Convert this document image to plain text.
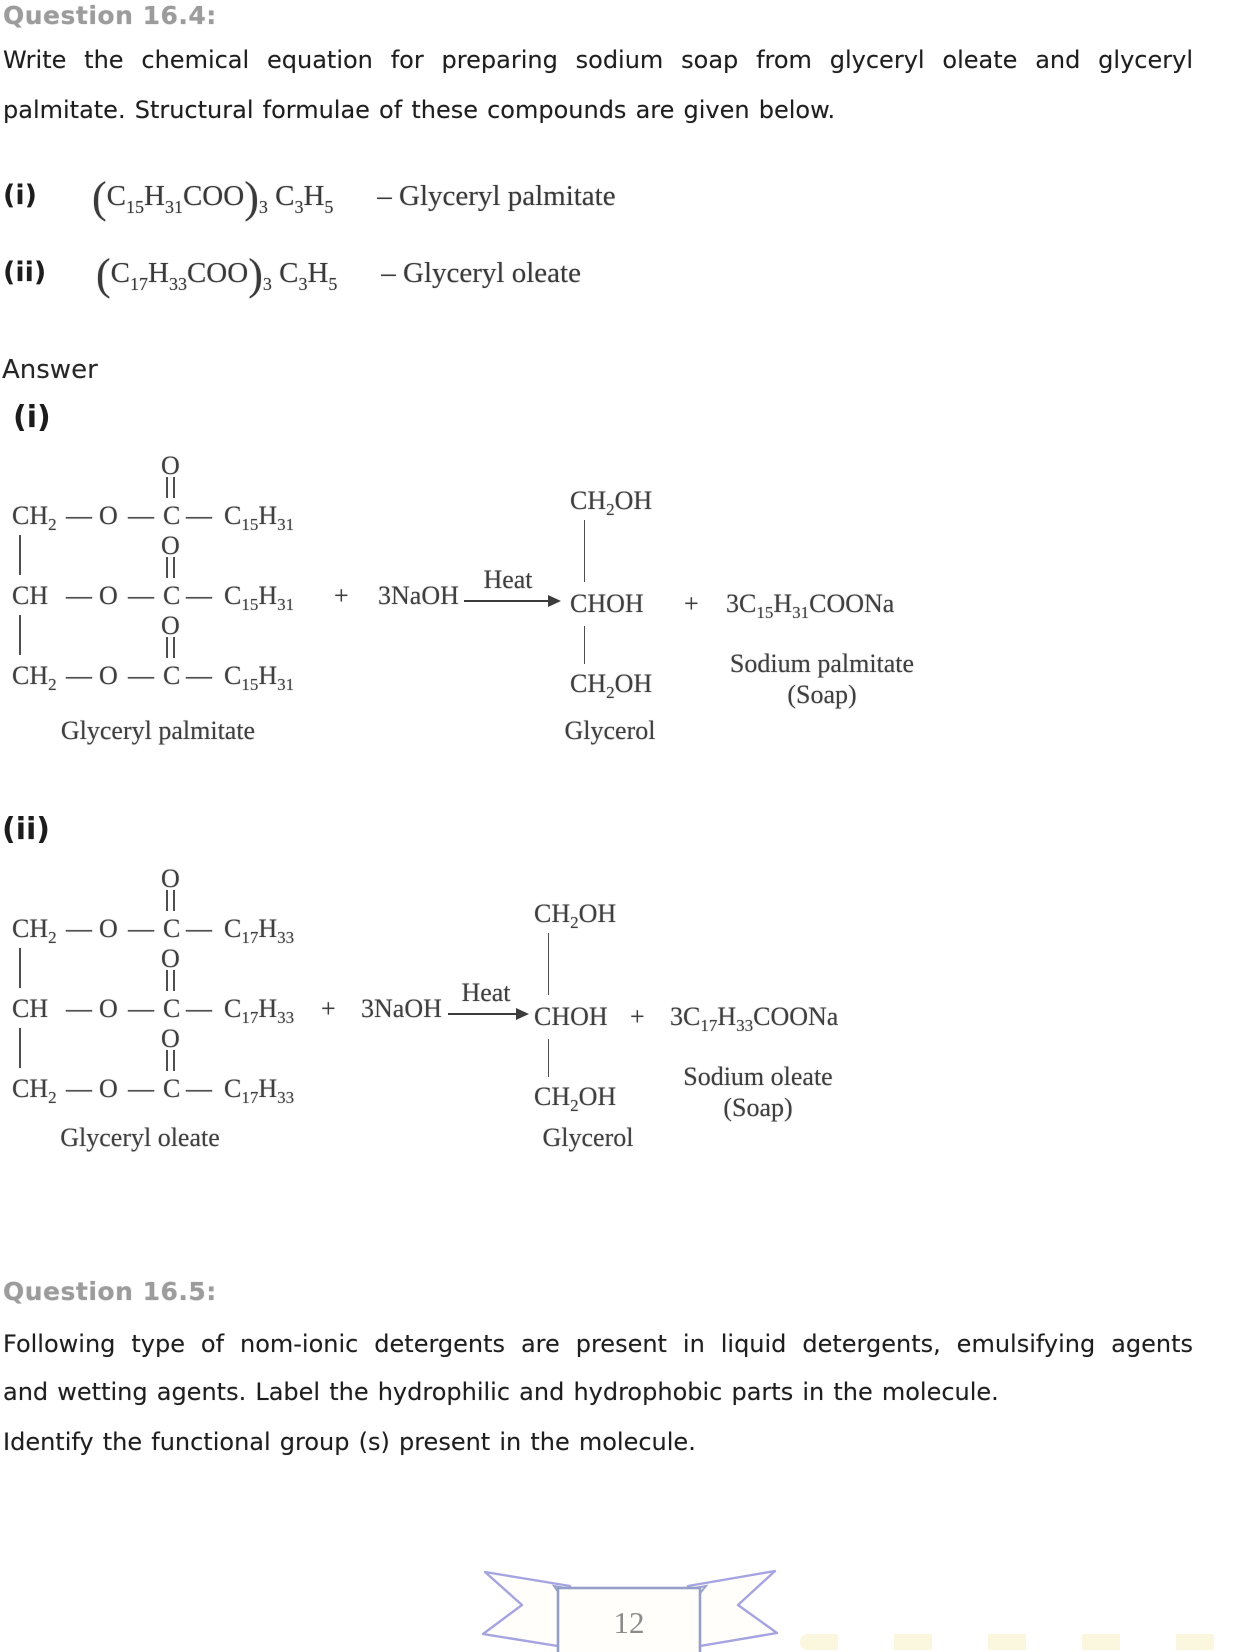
Question 16.4:
Write the chemical equation for preparing sodium soap from glyceryl oleate and glyceryl
palmitate. Structural formulae of these compounds are given below.
(i) $(C_{15}H_{31}COO)_3$ $C_3H_5$ – Glyceryl palmitate
(ii) $(C_{17}H_{33}COO)_3$ $C_3H_5$ – Glyceryl oleate
Answer
(i)
O
$CH_2$ — O — C — $C_{15}H_{31}$
O
CH — O — C — $C_{15}H_{31}$
O
$CH_2$ — O — C — $C_{15}H_{31}$
Glyceryl palmitate
+ 3NaOH
Heat
$CH_2OH$
CHOH
$CH_2OH$
Glycerol
+ $3C_{15}H_{31}COONa$
Sodium palmitate
(Soap)
(ii)
O
$CH_2$ — O — C — $C_{17}H_{33}$
O
CH — O — C — $C_{17}H_{33}$
O
$CH_2$ — O — C — $C_{17}H_{33}$
Glyceryl oleate
+ 3NaOH
Heat
$CH_2OH$
CHOH
$CH_2OH$
Glycerol
+ $3C_{17}H_{33}COONa$
Sodium oleate
(Soap)
Question 16.5:
Following type of nom-ionic detergents are present in liquid detergents, emulsifying agents
and wetting agents. Label the hydrophilic and hydrophobic parts in the molecule.
Identify the functional group (s) present in the molecule.
12
